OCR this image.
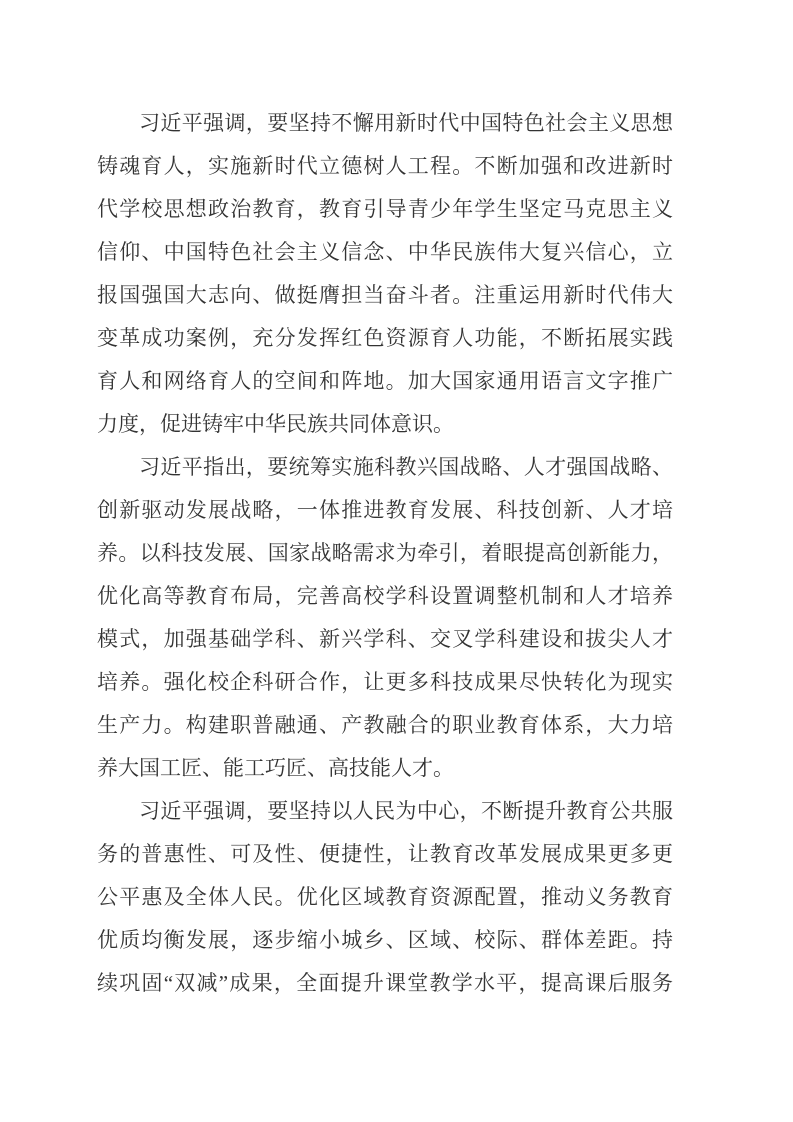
习近平强调，要坚持不懈用新时代中国特色社会主义思想
铸魂育人，实施新时代立德树人工程。不断加强和改进新时
代学校思想政治教育，教育引导青少年学生坚定马克思主义
信仰、中国特色社会主义信念、中华民族伟大复兴信心，立
报国强国大志向、做挺膺担当奋斗者。注重运用新时代伟大
变革成功案例，充分发挥红色资源育人功能，不断拓展实践
育人和网络育人的空间和阵地。加大国家通用语言文字推广
力度，促进铸牢中华民族共同体意识。
习近平指出，要统筹实施科教兴国战略、人才强国战略、
创新驱动发展战略，一体推进教育发展、科技创新、人才培
养。以科技发展、国家战略需求为牵引，着眼提高创新能力，
优化高等教育布局，完善高校学科设置调整机制和人才培养
模式，加强基础学科、新兴学科、交叉学科建设和拔尖人才
培养。强化校企科研合作，让更多科技成果尽快转化为现实
生产力。构建职普融通、产教融合的职业教育体系，大力培
养大国工匠、能工巧匠、高技能人才。
习近平强调，要坚持以人民为中心，不断提升教育公共服
务的普惠性、可及性、便捷性，让教育改革发展成果更多更
公平惠及全体人民。优化区域教育资源配置，推动义务教育
优质均衡发展，逐步缩小城乡、区域、校际、群体差距。持
续巩固“双减”成果，全面提升课堂教学水平，提高课后服务
